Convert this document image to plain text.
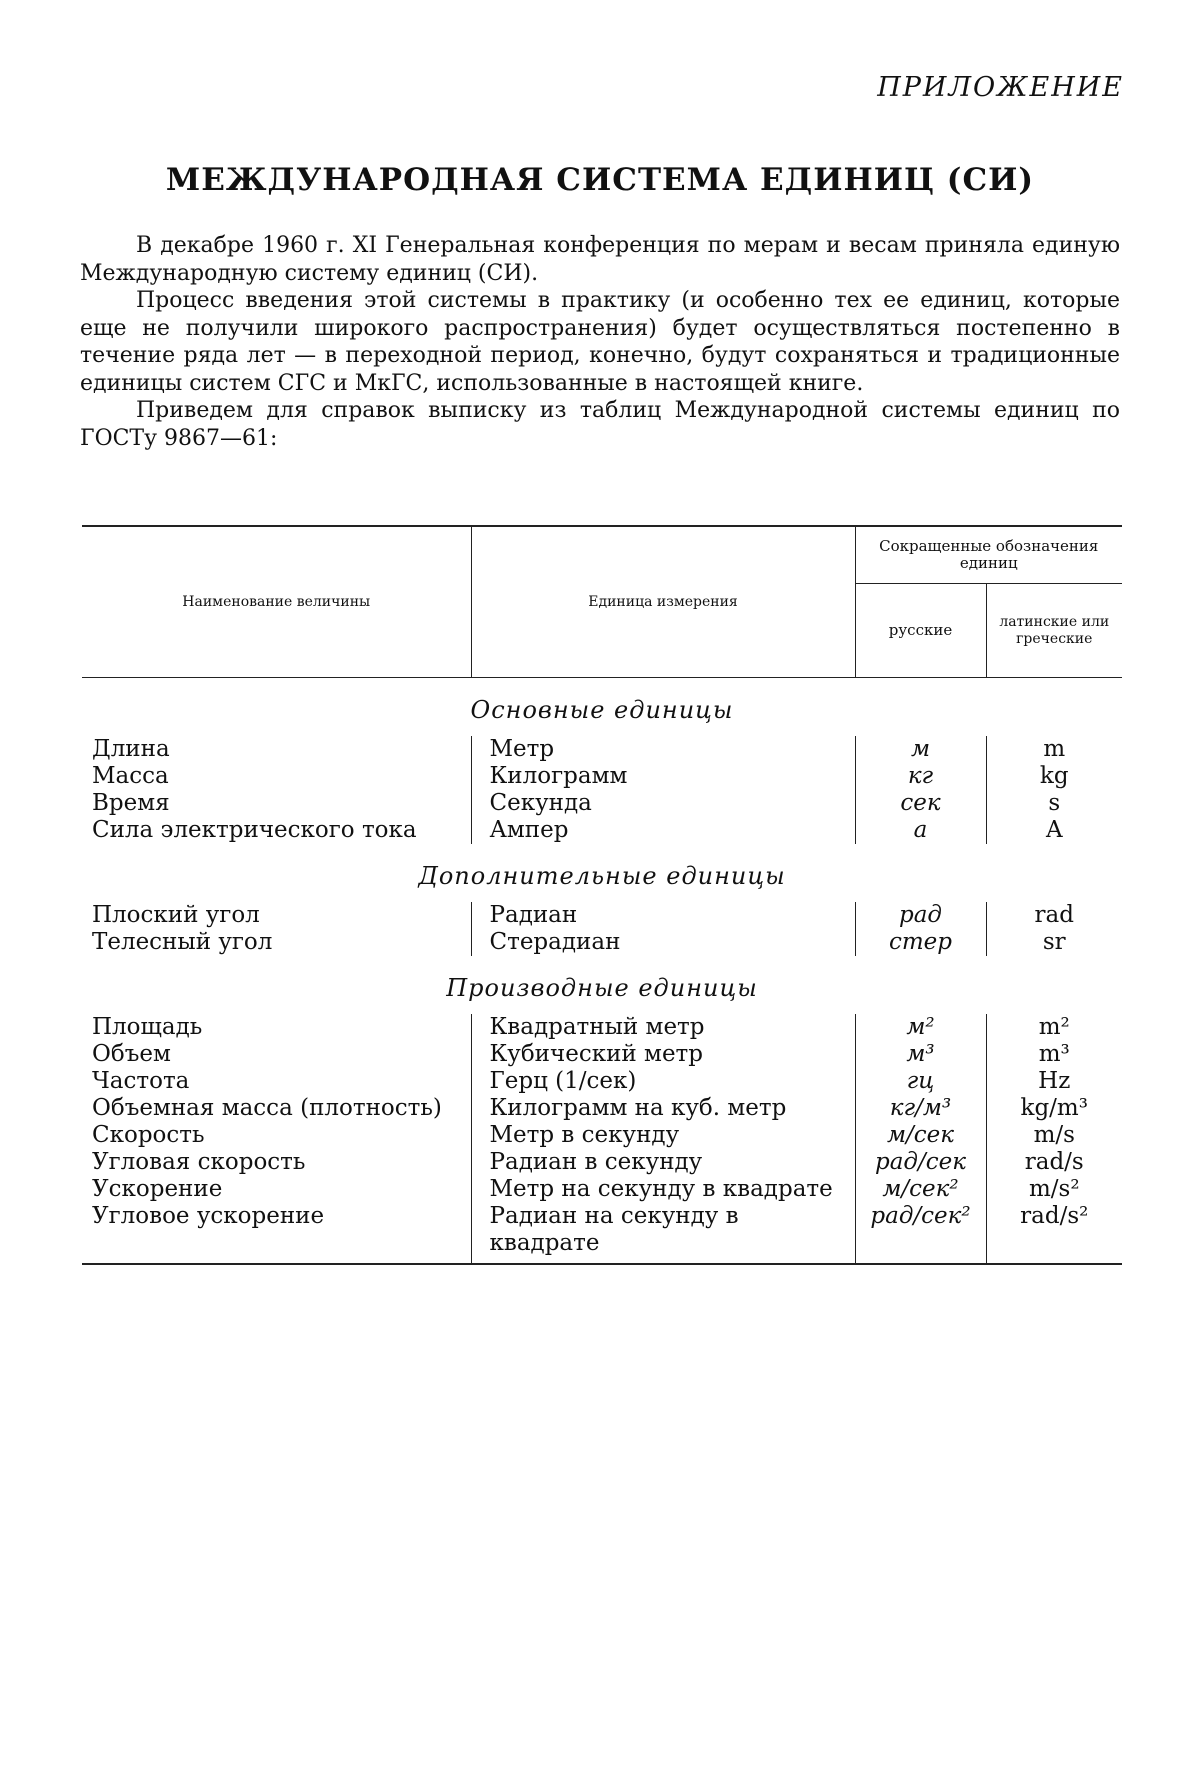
ПРИЛОЖЕНИЕ
МЕЖДУНАРОДНАЯ СИСТЕМА ЕДИНИЦ (СИ)

В декабре 1960 г. XI Генеральная конференция по мерам и весам приняла единую Международную систему единиц (СИ).

Процесс введения этой системы в практику (и особенно тех ее единиц, которые еще не получили широкого распространения) будет осуществляться постепенно в течение ряда лет — в переходной период, конечно, будут сохраняться и традиционные единицы систем СГС и МкГС, использованные в настоящей книге.

Приведем для справок выписку из таблиц Международной системы единиц по ГОСТу 9867—61:

Наименование величины	Единица измерения	Сокращенные обозначения единиц	
		русские	латинские или греческие

Основные единицы			
Длина	Метр	м	m
Масса	Килограмм	кг	kg
Время	Секунда	сек	s
Сила электрического тока	Ампер	а	A
Дополнительные единицы			
Плоский угол	Радиан	рад	rad
Телесный угол	Стерадиан	стер	sr
Производные единицы			
Площадь	Квадратный метр	м²	m²
Объем	Кубический метр	м³	m³
Частота	Герц (1/сек)	гц	Hz
Объемная масса (плотность)	Килограмм на куб. метр	кг/м³	kg/m³
Скорость	Метр в секунду	м/сек	m/s
Угловая скорость	Радиан в секунду	рад/сек	rad/s
Ускорение	Метр на секунду в квадрате	м/сек²	m/s²
Угловое ускорение	Радиан на секунду в квадрате	рад/сек²	rad/s²
